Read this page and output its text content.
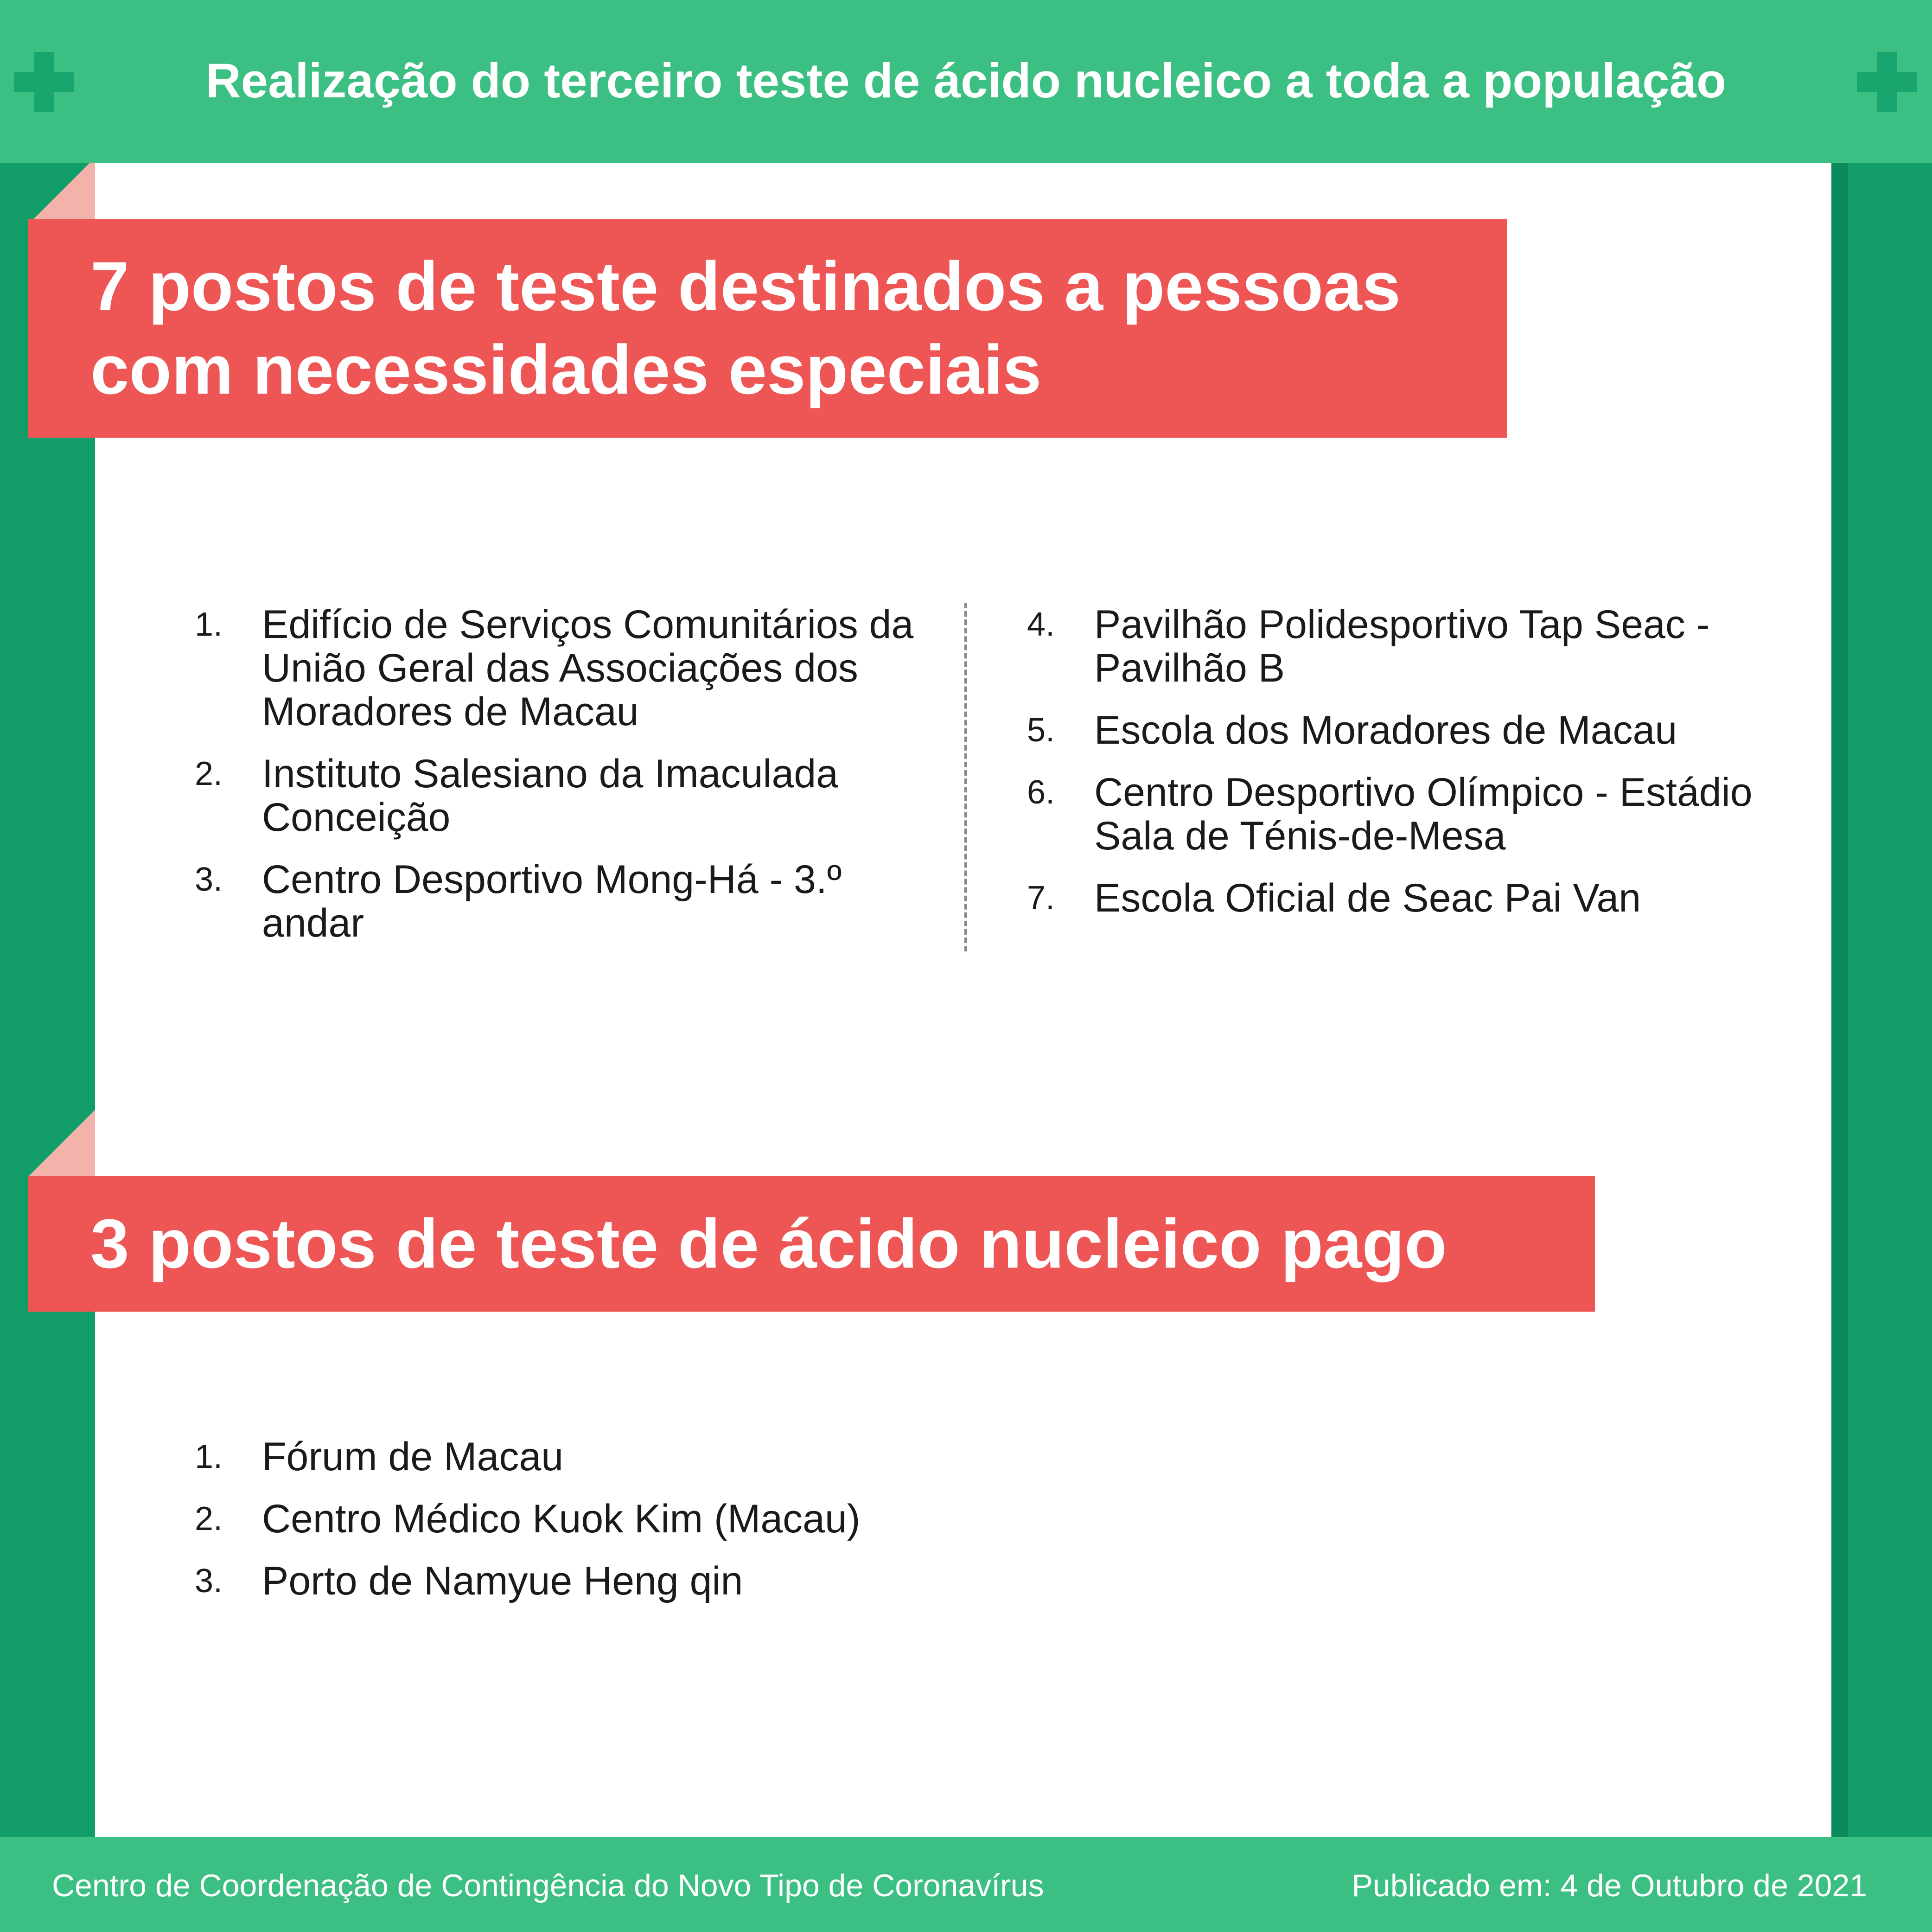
Realização do terceiro teste de ácido nucleico a toda a população
7 postos de teste destinados a pessoas
com necessidades especiais
1. Edifício de Serviços Comunitários da União Geral das Associações dos Moradores de Macau
2. Instituto Salesiano da Imaculada Conceição
3. Centro Desportivo Mong-Há - 3.º andar
4. Pavilhão Polidesportivo Tap Seac - Pavilhão B
5. Escola dos Moradores de Macau
6. Centro Desportivo Olímpico - Estádio Sala de Ténis-de-Mesa
7. Escola Oficial de Seac Pai Van
3 postos de teste de ácido nucleico pago
1. Fórum de Macau
2. Centro Médico Kuok Kim (Macau)
3. Porto de Namyue Heng qin
Centro de Coordenação de Contingência do Novo Tipo de Coronavírus	Publicado em: 4 de Outubro de 2021
